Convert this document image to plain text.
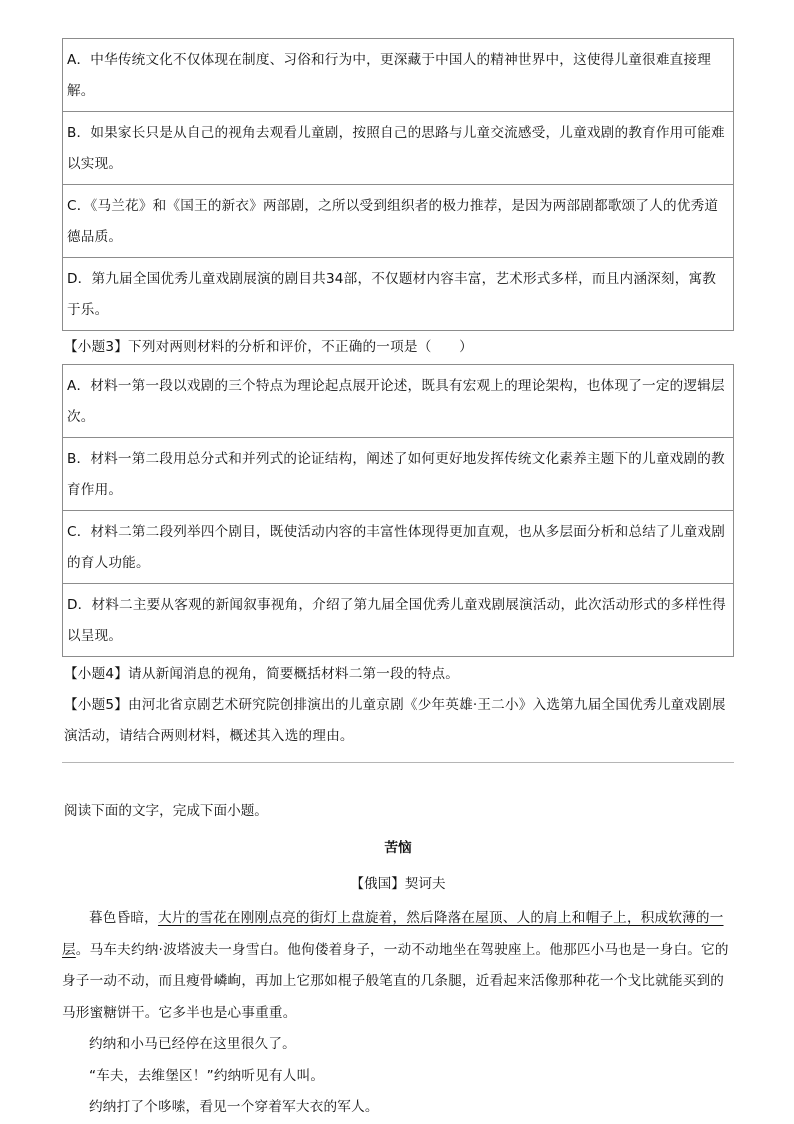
A．中华传统文化不仅体现在制度、习俗和行为中，更深藏于中国人的精神世界中，这使得儿童很难直接理解。
B．如果家长只是从自己的视角去观看儿童剧，按照自己的思路与儿童交流感受，儿童戏剧的教育作用可能难以实现。
C．《马兰花》和《国王的新衣》两部剧，之所以受到组织者的极力推荐，是因为两部剧都歌颂了人的优秀道德品质。
D．第九届全国优秀儿童戏剧展演的剧目共34部，不仅题材内容丰富，艺术形式多样，而且内涵深刻，寓教于乐。
【小题3】下列对两则材料的分析和评价，不正确的一项是（　　）
A．材料一第一段以戏剧的三个特点为理论起点展开论述，既具有宏观上的理论架构，也体现了一定的逻辑层次。
B．材料一第二段用总分式和并列式的论证结构，阐述了如何更好地发挥传统文化素养主题下的儿童戏剧的教育作用。
C．材料二第二段列举四个剧目，既使活动内容的丰富性体现得更加直观，也从多层面分析和总结了儿童戏剧的育人功能。
D．材料二主要从客观的新闻叙事视角，介绍了第九届全国优秀儿童戏剧展演活动，此次活动形式的多样性得以呈现。
【小题4】请从新闻消息的视角，简要概括材料二第一段的特点。
【小题5】由河北省京剧艺术研究院创排演出的儿童京剧《少年英雄·王二小》入选第九届全国优秀儿童戏剧展演活动，请结合两则材料，概述其入选的理由。
阅读下面的文字，完成下面小题。
苦恼
【俄国】契诃夫

暮色昏暗，大片的雪花在刚刚点亮的街灯上盘旋着，然后降落在屋顶、人的肩上和帽子上，积成软薄的一层。马车夫约纳·波塔波夫一身雪白。他佝偻着身子，一动不动地坐在驾驶座上。他那匹小马也是一身白。它的身子一动不动，而且瘦骨嶙峋，再加上它那如棍子般笔直的几条腿，近看起来活像那种花一个戈比就能买到的马形蜜糖饼干。它多半也是心事重重。

约纳和小马已经停在这里很久了。

“车夫，去维堡区！”约纳听见有人叫。

约纳打了个哆嗦，看见一个穿着军大衣的军人。
